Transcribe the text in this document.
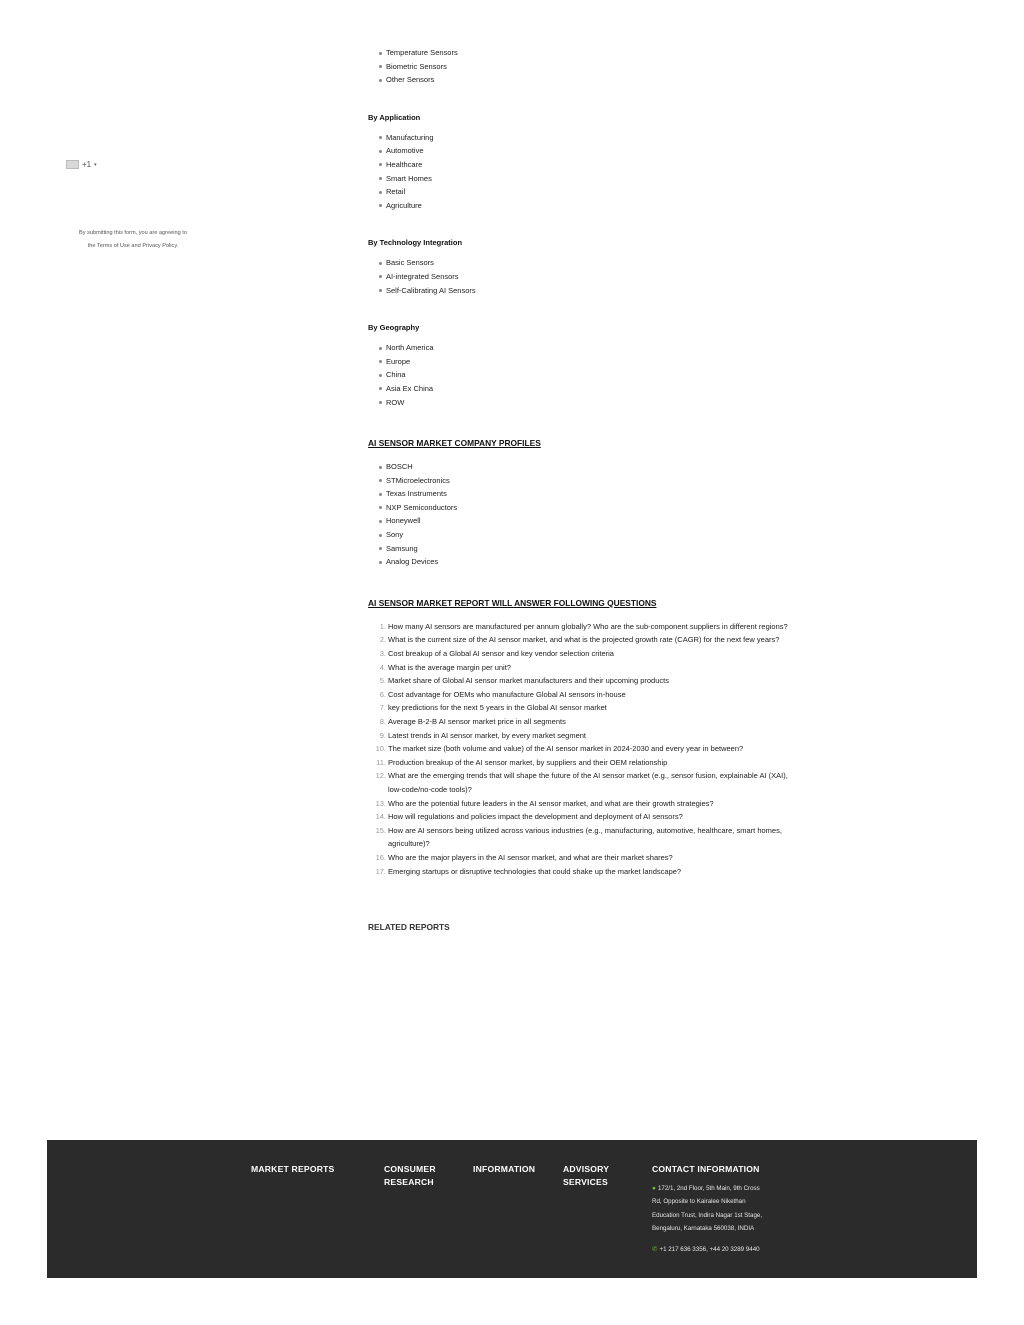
+1 ▾
By submitting this form, you are agreeing to
the Terms of Use and Privacy Policy.
Temperature Sensors
Biometric Sensors
Other Sensors
By Application
Manufacturing
Automotive
Healthcare
Smart Homes
Retail
Agriculture
By Technology Integration
Basic Sensors
AI-integrated Sensors
Self-Calibrating AI Sensors
By Geography
North America
Europe
China
Asia Ex China
ROW
AI SENSOR MARKET COMPANY PROFILES
BOSCH
STMicroelectronics
Texas Instruments
NXP Semiconductors
Honeywell
Sony
Samsung
Analog Devices
AI SENSOR MARKET REPORT WILL ANSWER FOLLOWING QUESTIONS
1. How many AI sensors are manufactured per annum globally? Who are the sub-component suppliers in different regions?
2. What is the current size of the AI sensor market, and what is the projected growth rate (CAGR) for the next few years?
3. Cost breakup of a Global AI sensor and key vendor selection criteria
4. What is the average margin per unit?
5. Market share of Global AI sensor market manufacturers and their upcoming products
6. Cost advantage for OEMs who manufacture Global AI sensors in-house
7. key predictions for the next 5 years in the Global AI sensor market
8. Average B-2-B AI sensor market price in all segments
9. Latest trends in AI sensor market, by every market segment
10. The market size (both volume and value) of the AI sensor market in 2024-2030 and every year in between?
11. Production breakup of the AI sensor market, by suppliers and their OEM relationship
12. What are the emerging trends that will shape the future of the AI sensor market (e.g., sensor fusion, explainable AI (XAI), low-code/no-code tools)?
13. Who are the potential future leaders in the AI sensor market, and what are their growth strategies?
14. How will regulations and policies impact the development and deployment of AI sensors?
15. How are AI sensors being utilized across various industries (e.g., manufacturing, automotive, healthcare, smart homes, agriculture)?
16. Who are the major players in the AI sensor market, and what are their market shares?
17. Emerging startups or disruptive technologies that could shake up the market landscape?
RELATED REPORTS
MARKET REPORTS	CONSUMER
RESEARCH
INFORMATION	ADVISORY
SERVICES
CONTACT INFORMATION
● 172/1, 2nd Floor, 5th Main, 9th Cross
Rd, Opposite to Kairalee Nikethan
Education Trust, Indira Nagar 1st Stage,
Bengaluru, Karnataka 560038, INDIA
✆ +1 217 636 3356, +44 20 3289 9440
